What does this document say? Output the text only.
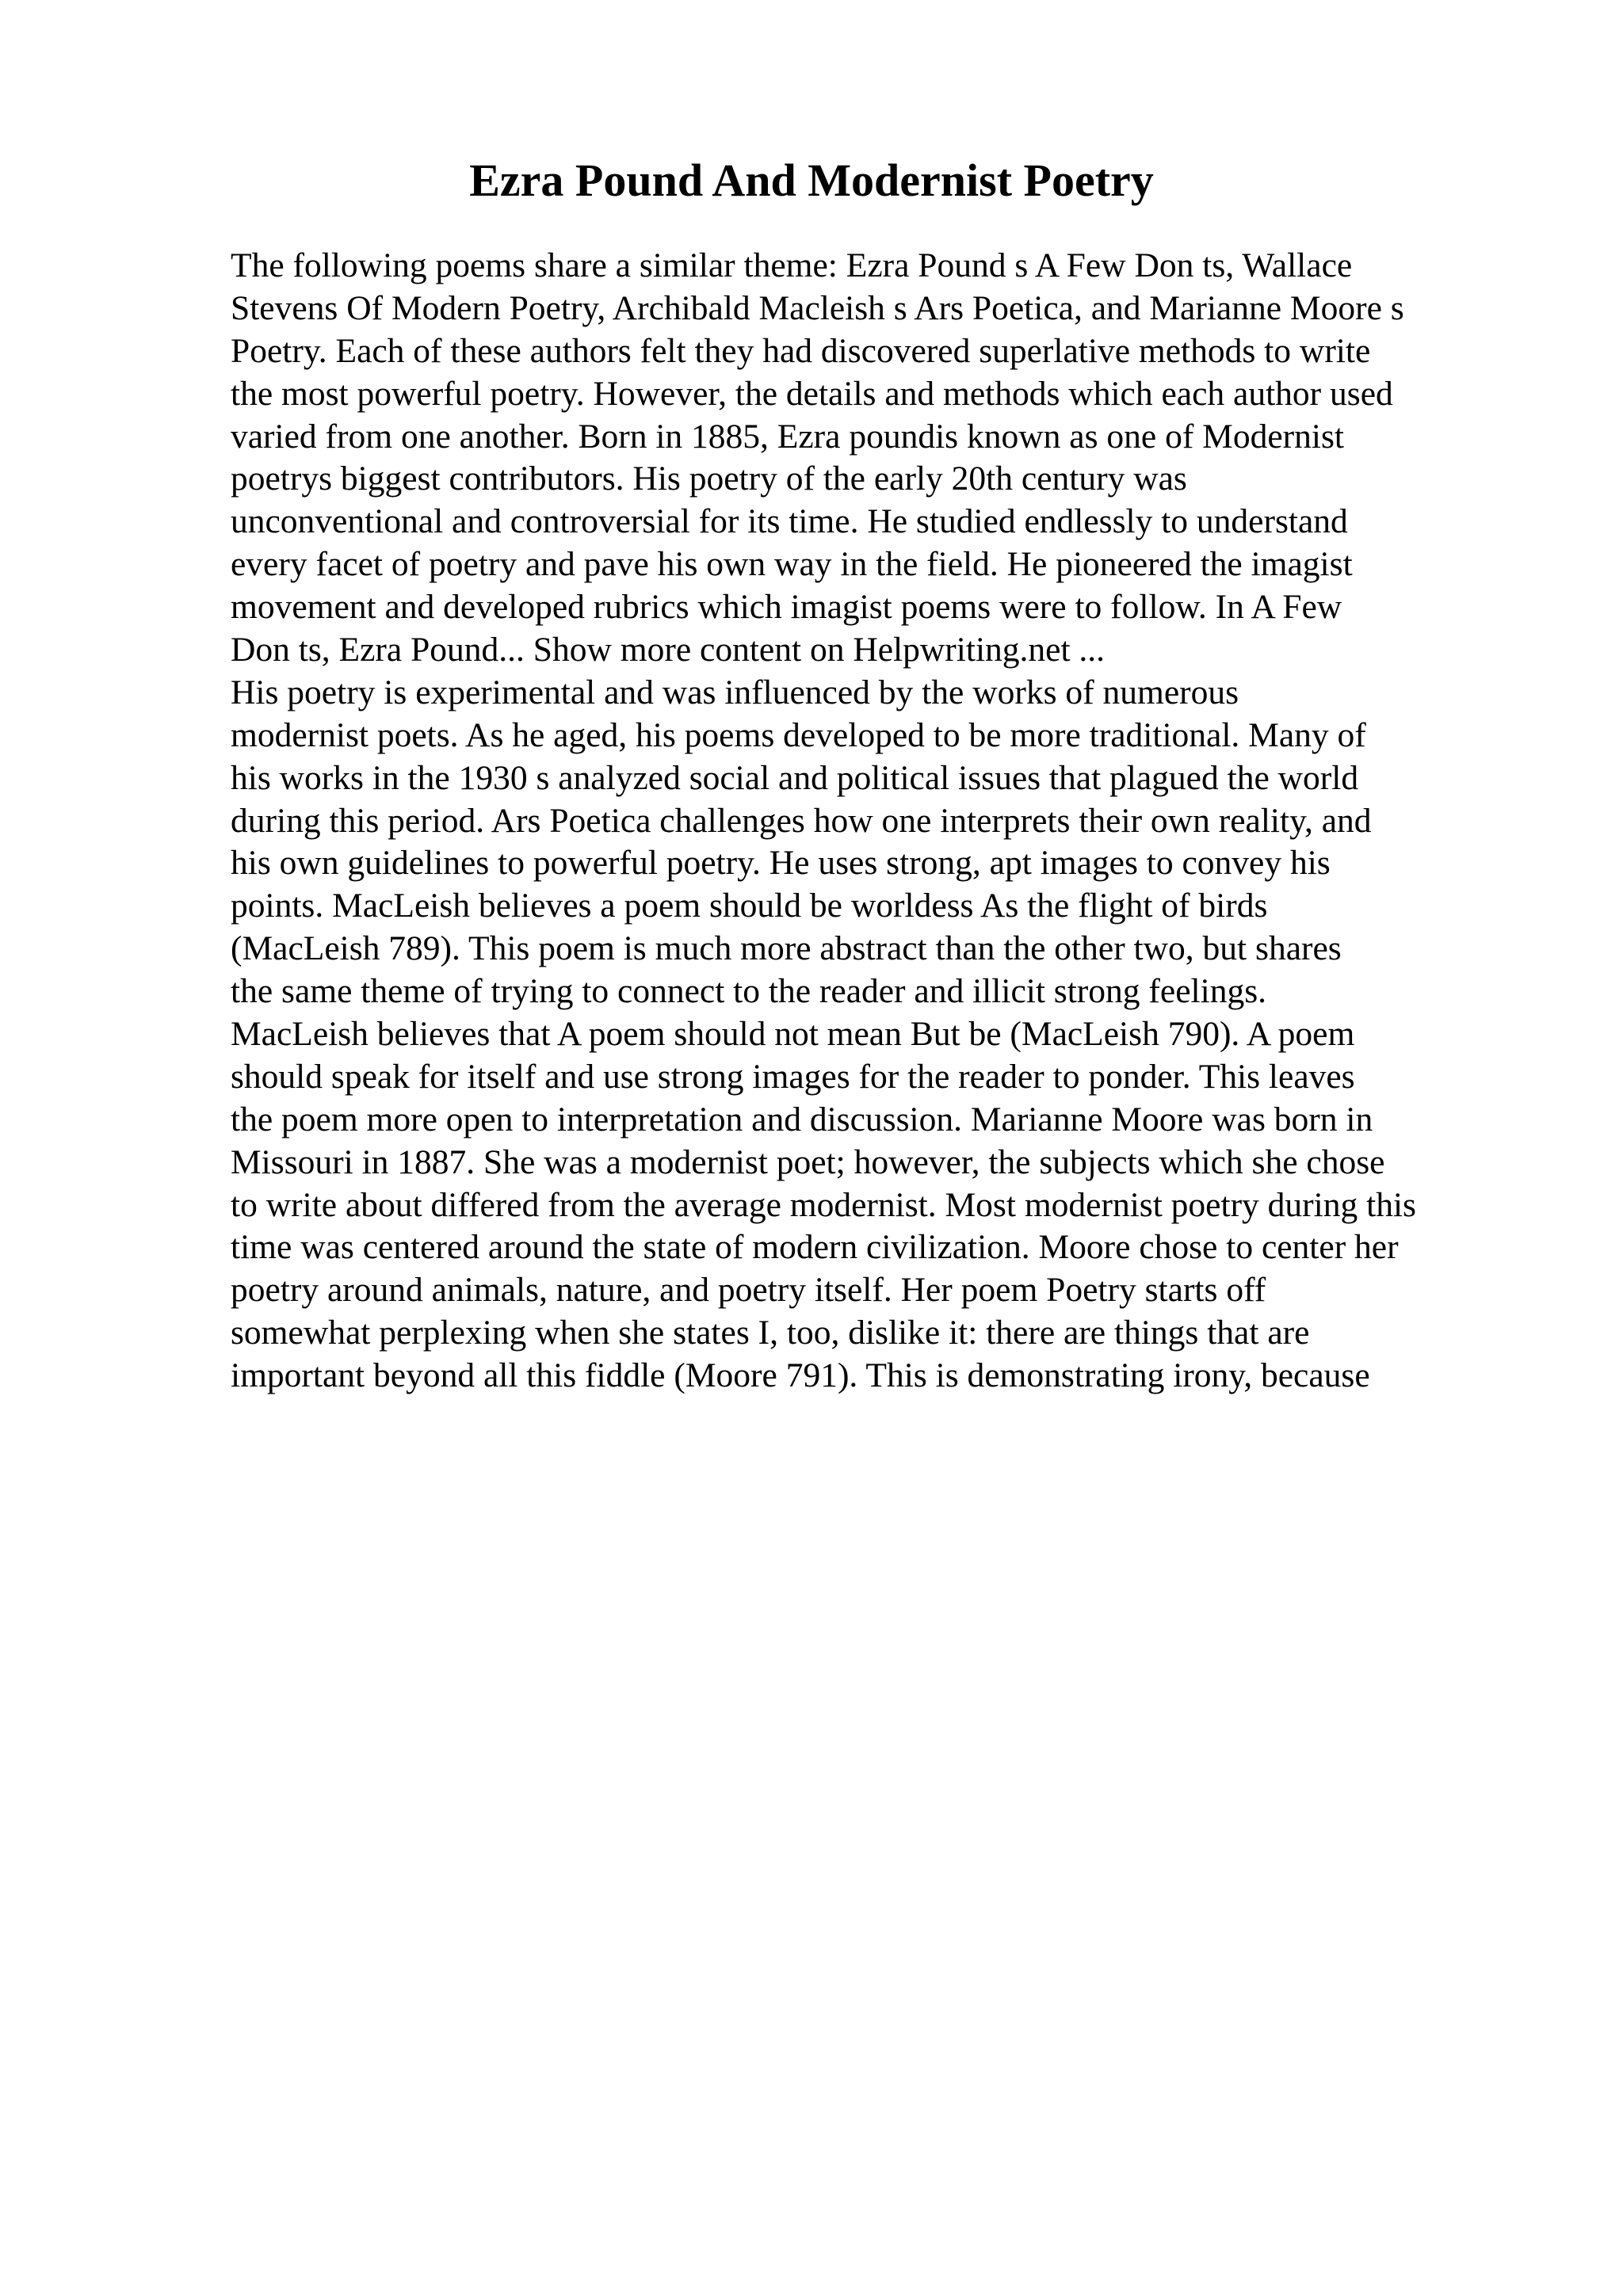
Ezra Pound And Modernist Poetry
The following poems share a similar theme: Ezra Pound s A Few Don ts, Wallace
Stevens Of Modern Poetry, Archibald Macleish s Ars Poetica, and Marianne Moore s
Poetry. Each of these authors felt they had discovered superlative methods to write
the most powerful poetry. However, the details and methods which each author used
varied from one another. Born in 1885, Ezra poundis known as one of Modernist
poetrys biggest contributors. His poetry of the early 20th century was
unconventional and controversial for its time. He studied endlessly to understand
every facet of poetry and pave his own way in the field. He pioneered the imagist
movement and developed rubrics which imagist poems were to follow. In A Few
Don ts, Ezra Pound... Show more content on Helpwriting.net ...
His poetry is experimental and was influenced by the works of numerous
modernist poets. As he aged, his poems developed to be more traditional. Many of
his works in the 1930 s analyzed social and political issues that plagued the world
during this period. Ars Poetica challenges how one interprets their own reality, and
his own guidelines to powerful poetry. He uses strong, apt images to convey his
points. MacLeish believes a poem should be worldess As the flight of birds
(MacLeish 789). This poem is much more abstract than the other two, but shares
the same theme of trying to connect to the reader and illicit strong feelings.
MacLeish believes that A poem should not mean But be (MacLeish 790). A poem
should speak for itself and use strong images for the reader to ponder. This leaves
the poem more open to interpretation and discussion. Marianne Moore was born in
Missouri in 1887. She was a modernist poet; however, the subjects which she chose
to write about differed from the average modernist. Most modernist poetry during this
time was centered around the state of modern civilization. Moore chose to center her
poetry around animals, nature, and poetry itself. Her poem Poetry starts off
somewhat perplexing when she states I, too, dislike it: there are things that are
important beyond all this fiddle (Moore 791). This is demonstrating irony, because
